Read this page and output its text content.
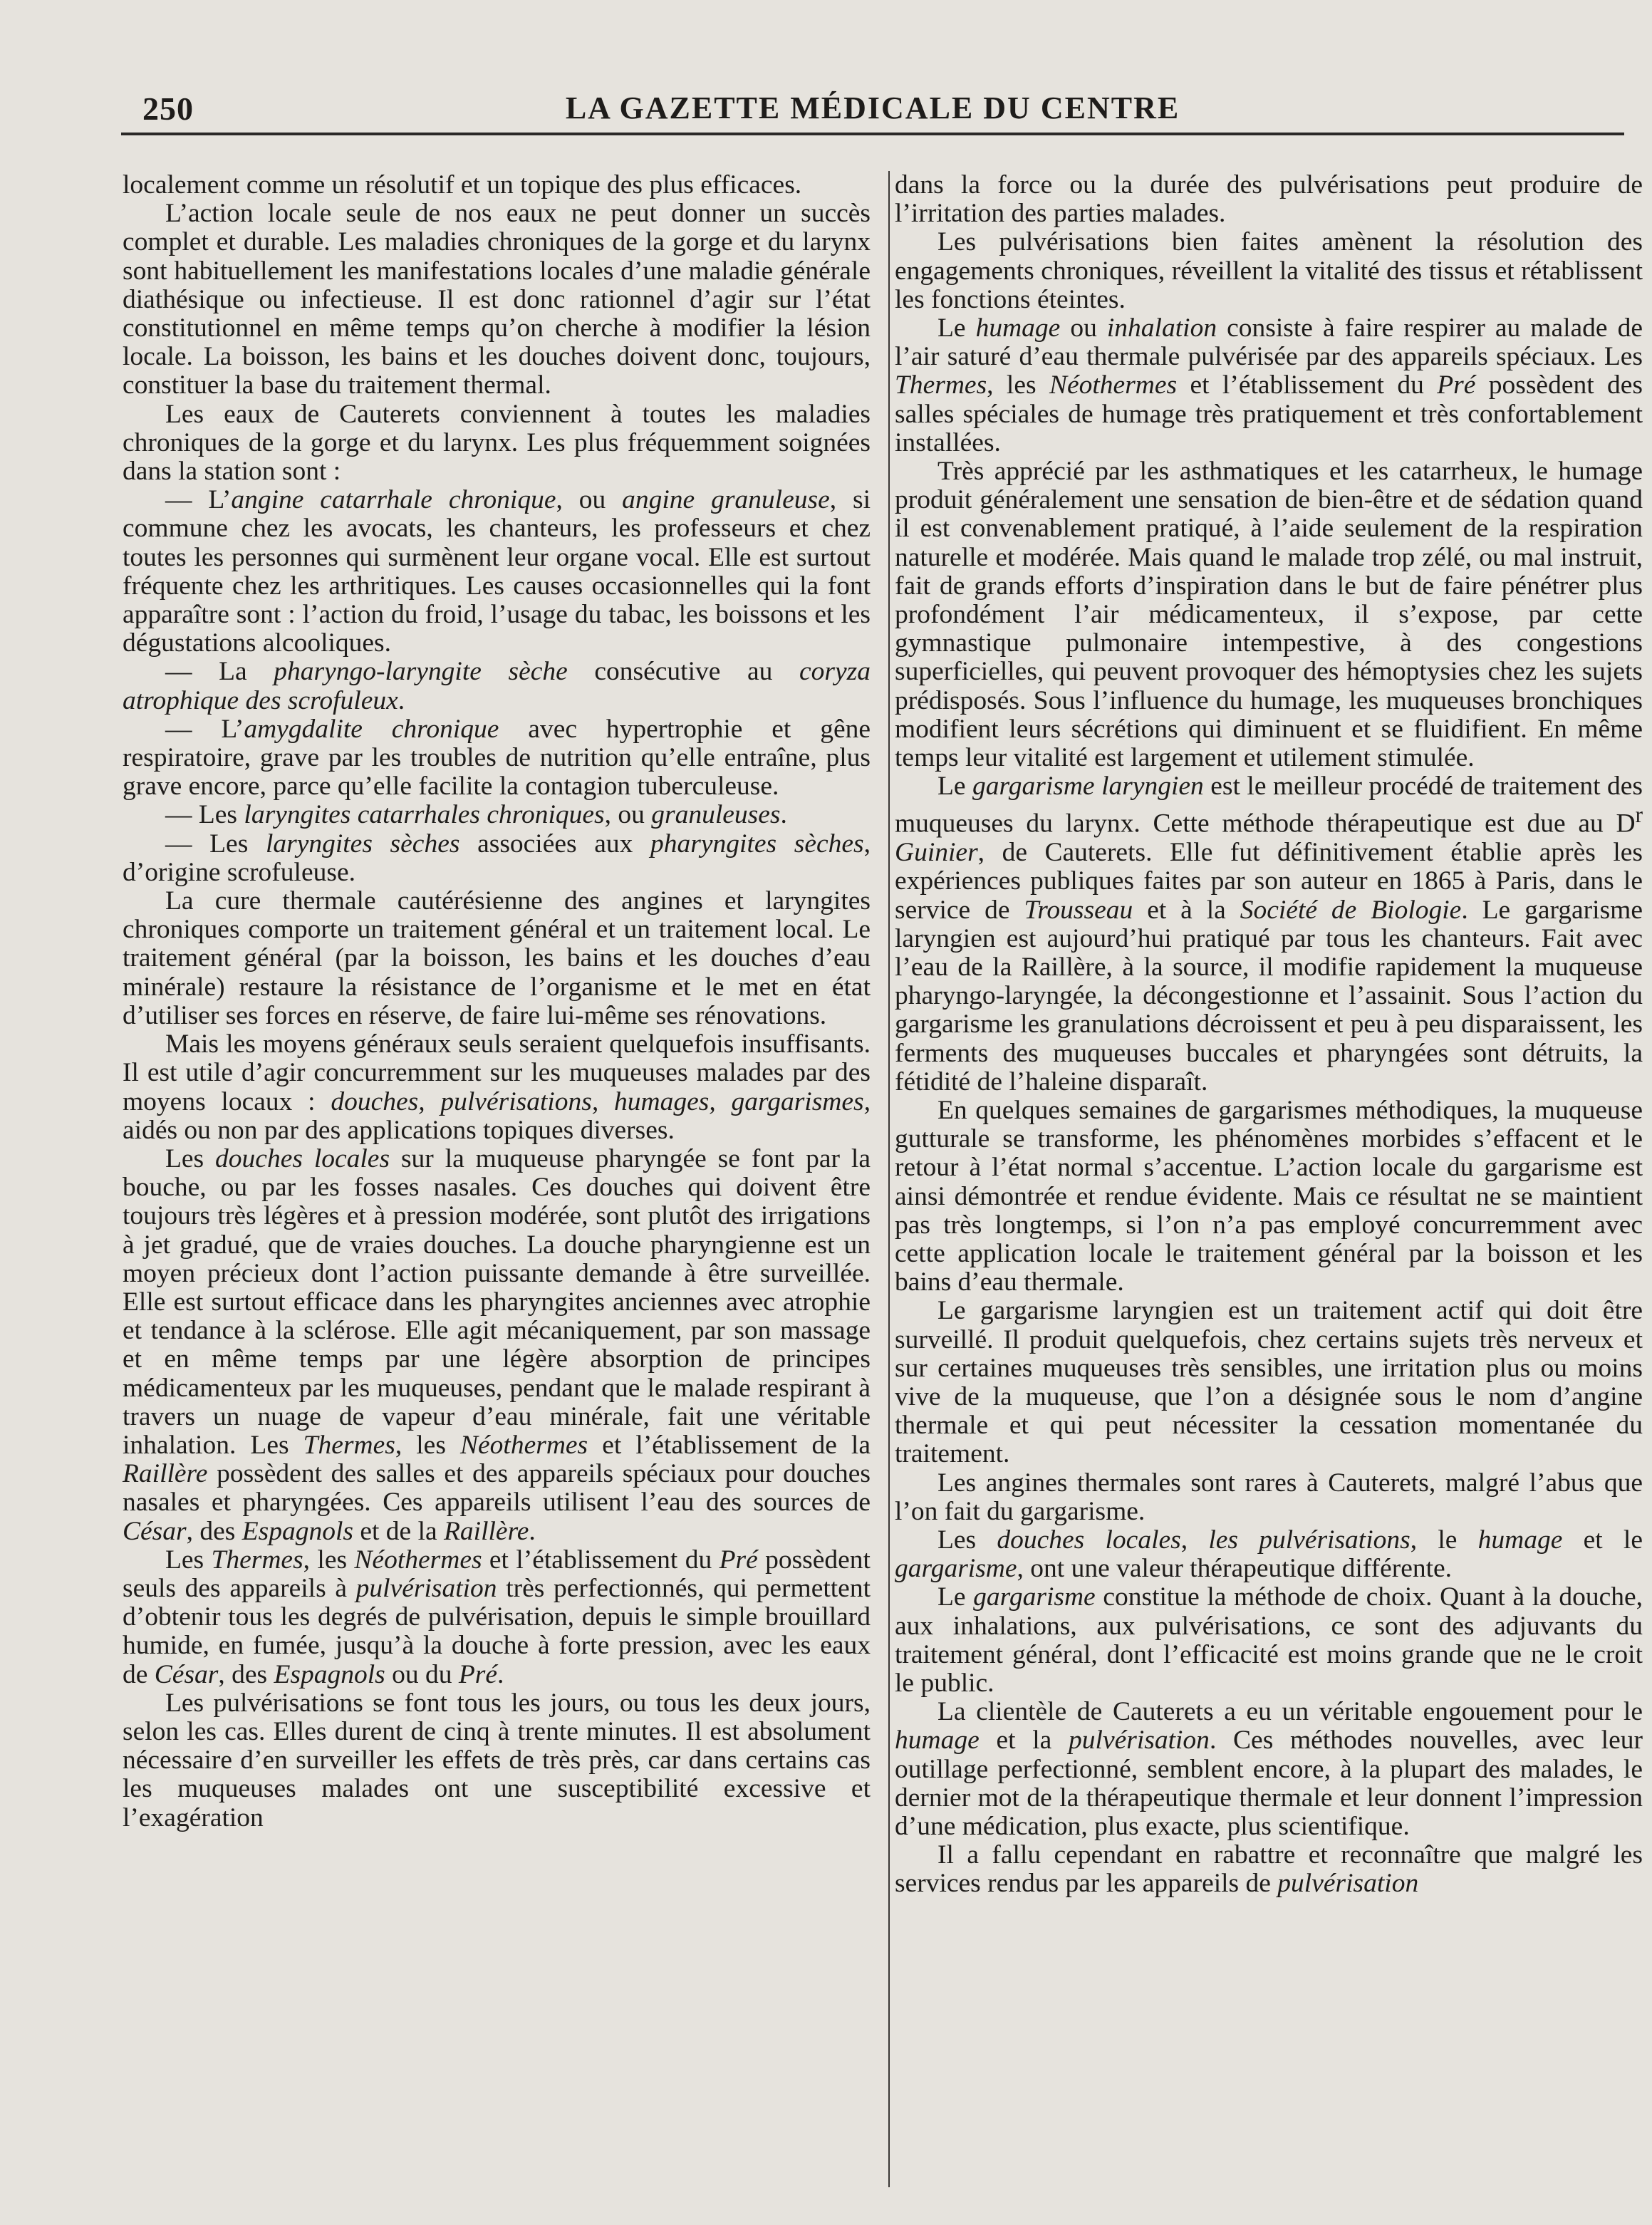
250	LA GAZETTE MÉDICALE DU CENTRE

localement comme un résolutif et un topique des plus efficaces.

L’action locale seule de nos eaux ne peut donner un succès complet et durable. Les maladies chroniques de la gorge et du larynx sont habituellement les manifestations locales d’une maladie générale diathésique ou infectieuse. Il est donc rationnel d’agir sur l’état constitutionnel en même temps qu’on cherche à modifier la lésion locale. La boisson, les bains et les douches doivent donc, toujours, constituer la base du traitement thermal.

Les eaux de Cauterets conviennent à toutes les maladies chroniques de la gorge et du larynx. Les plus fréquemment soignées dans la station sont :

— L’angine catarrhale chronique, ou angine granuleuse, si commune chez les avocats, les chanteurs, les professeurs et chez toutes les personnes qui surmènent leur organe vocal. Elle est surtout fréquente chez les arthritiques. Les causes occasionnelles qui la font apparaître sont : l’action du froid, l’usage du tabac, les boissons et les dégustations alcooliques.

— La pharyngo-laryngite sèche consécutive au coryza atrophique des scrofuleux.

— L’amygdalite chronique avec hypertrophie et gêne respiratoire, grave par les troubles de nutrition qu’elle entraîne, plus grave encore, parce qu’elle facilite la contagion tuberculeuse.

— Les laryngites catarrhales chroniques, ou granuleuses.

— Les laryngites sèches associées aux pharyngites sèches, d’origine scrofuleuse.

La cure thermale cautérésienne des angines et laryngites chroniques comporte un traitement général et un traitement local. Le traitement général (par la boisson, les bains et les douches d’eau minérale) restaure la résistance de l’organisme et le met en état d’utiliser ses forces en réserve, de faire lui-même ses rénovations.

Mais les moyens généraux seuls seraient quelquefois insuffisants. Il est utile d’agir concurremment sur les muqueuses malades par des moyens locaux : douches, pulvérisations, humages, gargarismes, aidés ou non par des applications topiques diverses.

Les douches locales sur la muqueuse pharyngée se font par la bouche, ou par les fosses nasales. Ces douches qui doivent être toujours très légères et à pression modérée, sont plutôt des irrigations à jet gradué, que de vraies douches. La douche pharyngienne est un moyen précieux dont l’action puissante demande à être surveillée. Elle est surtout efficace dans les pharyngites anciennes avec atrophie et tendance à la sclérose. Elle agit mécaniquement, par son massage et en même temps par une légère absorption de principes médicamenteux par les muqueuses, pendant que le malade respirant à travers un nuage de vapeur d’eau minérale, fait une véritable inhalation. Les Thermes, les Néothermes et l’établissement de la Raillère possèdent des salles et des appareils spéciaux pour douches nasales et pharyngées. Ces appareils utilisent l’eau des sources de César, des Espagnols et de la Raillère.

Les Thermes, les Néothermes et l’établissement du Pré possèdent seuls des appareils à pulvérisation très perfectionnés, qui permettent d’obtenir tous les degrés de pulvérisation, depuis le simple brouillard humide, en fumée, jusqu’à la douche à forte pression, avec les eaux de César, des Espagnols ou du Pré.

Les pulvérisations se font tous les jours, ou tous les deux jours, selon les cas. Elles durent de cinq à trente minutes. Il est absolument nécessaire d’en surveiller les effets de très près, car dans certains cas les muqueuses malades ont une susceptibilité excessive et l’exagération

dans la force ou la durée des pulvérisations peut produire de l’irritation des parties malades.

Les pulvérisations bien faites amènent la résolution des engagements chroniques, réveillent la vitalité des tissus et rétablissent les fonctions éteintes.

Le humage ou inhalation consiste à faire respirer au malade de l’air saturé d’eau thermale pulvérisée par des appareils spéciaux. Les Thermes, les Néothermes et l’établissement du Pré possèdent des salles spéciales de humage très pratiquement et très confortablement installées.

Très apprécié par les asthmatiques et les catarrheux, le humage produit généralement une sensation de bien-être et de sédation quand il est convenablement pratiqué, à l’aide seulement de la respiration naturelle et modérée. Mais quand le malade trop zélé, ou mal instruit, fait de grands efforts d’inspiration dans le but de faire pénétrer plus profondément l’air médicamenteux, il s’expose, par cette gymnastique pulmonaire intempestive, à des congestions superficielles, qui peuvent provoquer des hémoptysies chez les sujets prédisposés. Sous l’influence du humage, les muqueuses bronchiques modifient leurs sécrétions qui diminuent et se fluidifient. En même temps leur vitalité est largement et utilement stimulée.

Le gargarisme laryngien est le meilleur procédé de traitement des muqueuses du larynx. Cette méthode thérapeutique est due au $D^r$ Guinier, de Cauterets. Elle fut définitivement établie après les expériences publiques faites par son auteur en 1865 à Paris, dans le service de Trousseau et à la Société de Biologie. Le gargarisme laryngien est aujourd’hui pratiqué par tous les chanteurs. Fait avec l’eau de la Raillère, à la source, il modifie rapidement la muqueuse pharyngo-laryngée, la décongestionne et l’assainit. Sous l’action du gargarisme les granulations décroissent et peu à peu disparaissent, les ferments des muqueuses buccales et pharyngées sont détruits, la fétidité de l’haleine disparaît.

En quelques semaines de gargarismes méthodiques, la muqueuse gutturale se transforme, les phénomènes morbides s’effacent et le retour à l’état normal s’accentue. L’action locale du gargarisme est ainsi démontrée et rendue évidente. Mais ce résultat ne se maintient pas très longtemps, si l’on n’a pas employé concurremment avec cette application locale le traitement général par la boisson et les bains d’eau thermale.

Le gargarisme laryngien est un traitement actif qui doit être surveillé. Il produit quelquefois, chez certains sujets très nerveux et sur certaines muqueuses très sensibles, une irritation plus ou moins vive de la muqueuse, que l’on a désignée sous le nom d’angine thermale et qui peut nécessiter la cessation momentanée du traitement.

Les angines thermales sont rares à Cauterets, malgré l’abus que l’on fait du gargarisme.

Les douches locales, les pulvérisations, le humage et le gargarisme, ont une valeur thérapeutique différente.

Le gargarisme constitue la méthode de choix. Quant à la douche, aux inhalations, aux pulvérisations, ce sont des adjuvants du traitement général, dont l’efficacité est moins grande que ne le croit le public.

La clientèle de Cauterets a eu un véritable engouement pour le humage et la pulvérisation. Ces méthodes nouvelles, avec leur outillage perfectionné, semblent encore, à la plupart des malades, le dernier mot de la thérapeutique thermale et leur donnent l’impression d’une médication, plus exacte, plus scientifique.

Il a fallu cependant en rabattre et reconnaître que malgré les services rendus par les appareils de pulvérisation
